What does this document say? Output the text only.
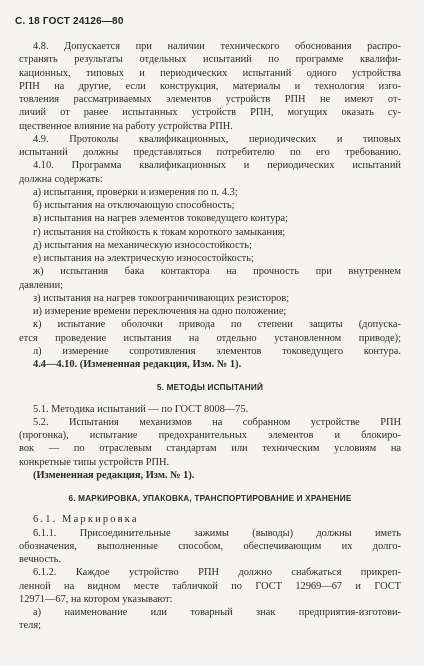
С. 18 ГОСТ 24126—80
4.8. Допускается при наличии технического обоснования распро-
странять результаты отдельных испытаний по программе квалифи-
кационных, типовых и периодических испытаний одного устройства
РПН на другие, если конструкция, материалы и технология изго-
товления рассматриваемых элементов устройств РПН не имеют от-
личий от ранее испытанных устройств РПН, могущих оказать су-
щественное влияние на работу устройства РПН.
4.9. Протоколы квалификационных, периодических и типовых
испытаний должны представляться потребителю по его требованию.
4.10. Программа квалификационных и периодических испытаний
должна содержать:
а) испытания, проверки и измерения по п. 4.3;
б) испытания на отключающую способность;
в) испытания на нагрев элементов токоведущего контура;
г) испытания на стойкость к токам короткого замыкания;
д) испытания на механическую износостойкость;
е) испытания на электрическую износостойкость;
ж) испытания бака контактора на прочность при внутреннем
давлении;
з) испытания на нагрев токоограничивающих резисторов;
и) измерение времени переключения на одно положение;
к) испытание оболочки привода по степени защиты (допуска-
ется проведение испытания на отдельно установленном приводе);
л) измерение сопротивления элементов токоведущего контура.
4.4—4.10. (Измененная редакция, Изм. № 1).
5. МЕТОДЫ ИСПЫТАНИЙ
5.1. Методика испытаний — по ГОСТ 8008—75.
5.2. Испытания механизмов на собранном устройстве РПН
(прогонка), испытание предохранительных элементов и блокиро-
вок — по отраслевым стандартам или техническим условиям на
конкретные типы устройств РПН.
(Измененная редакция, Изм. № 1).
6. МАРКИРОВКА, УПАКОВКА, ТРАНСПОРТИРОВАНИЕ И ХРАНЕНИЕ
6.1. Маркировка
6.1.1. Присоединительные зажимы (выводы) должны иметь
обозначения, выполненные способом, обеспечивающим их долго-
вечность.
6.1.2. Каждое устройство РПН должно снабжаться прикреп-
ленной на видном месте табличкой по ГОСТ 12969—67 и ГОСТ
12971—67, на котором указывают:
а) наименование или товарный знак предприятия-изготови-
теля;
